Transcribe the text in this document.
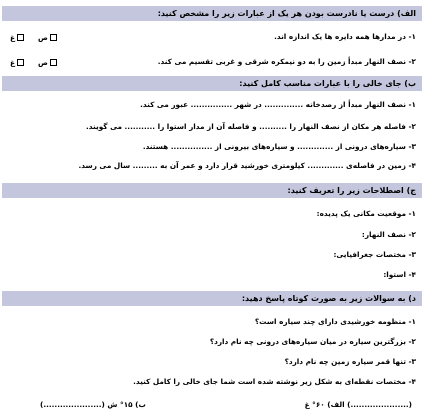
الف) درست یا نادرست بودن هر یک از عبارات زیر را مشخص کنید:
۱- در مدارها همه دایره ها یک اندازه اند.
غ	ص
۲- نصف النهار مبدأ زمین را به دو نیمکره شرقی و غربی تقسیم می کند.
غ	ص
ب) جای خالی را با عبارات مناسب کامل کنید:
۱- نصف النهار مبدأ از رصدخانه .............. در شهر ............... عبور می کند.
۲- فاصله هر مکان از نصف النهار را .......... و فاصله آن از مدار استوا را ........... می گویند.
۳- سیاره‌های درونی از ............. و سیاره‌های بیرونی از ............... هستند.
۴- زمین در فاصله‌ی ............. کیلومتری خورشید قرار دارد و عمر آن به ......... سال می رسد.
ج) اصطلاحات زیر را تعریف کنید:
۱- موقعیت مکانی یک پدیده:
۲- نصف النهار:
۳- مختصات جغرافیایی:
۴- استوا:
د) به سوالات زیر به صورت کوتاه پاسخ دهید:
۱- منظومه خورشیدی دارای چند سیاره است؟
۲- بزرگترین سیاره در میان سیاره‌های درونی چه نام دارد؟
۳- تنها قمر سیاره زمین چه نام دارد؟
۴- مختصات نقطه‌ای به شکل زیر نوشته شده است شما جای خالی را کامل کنید.
(.....................) ب) ۱۵° ش	الف) ۶۰° غ (.....................)
